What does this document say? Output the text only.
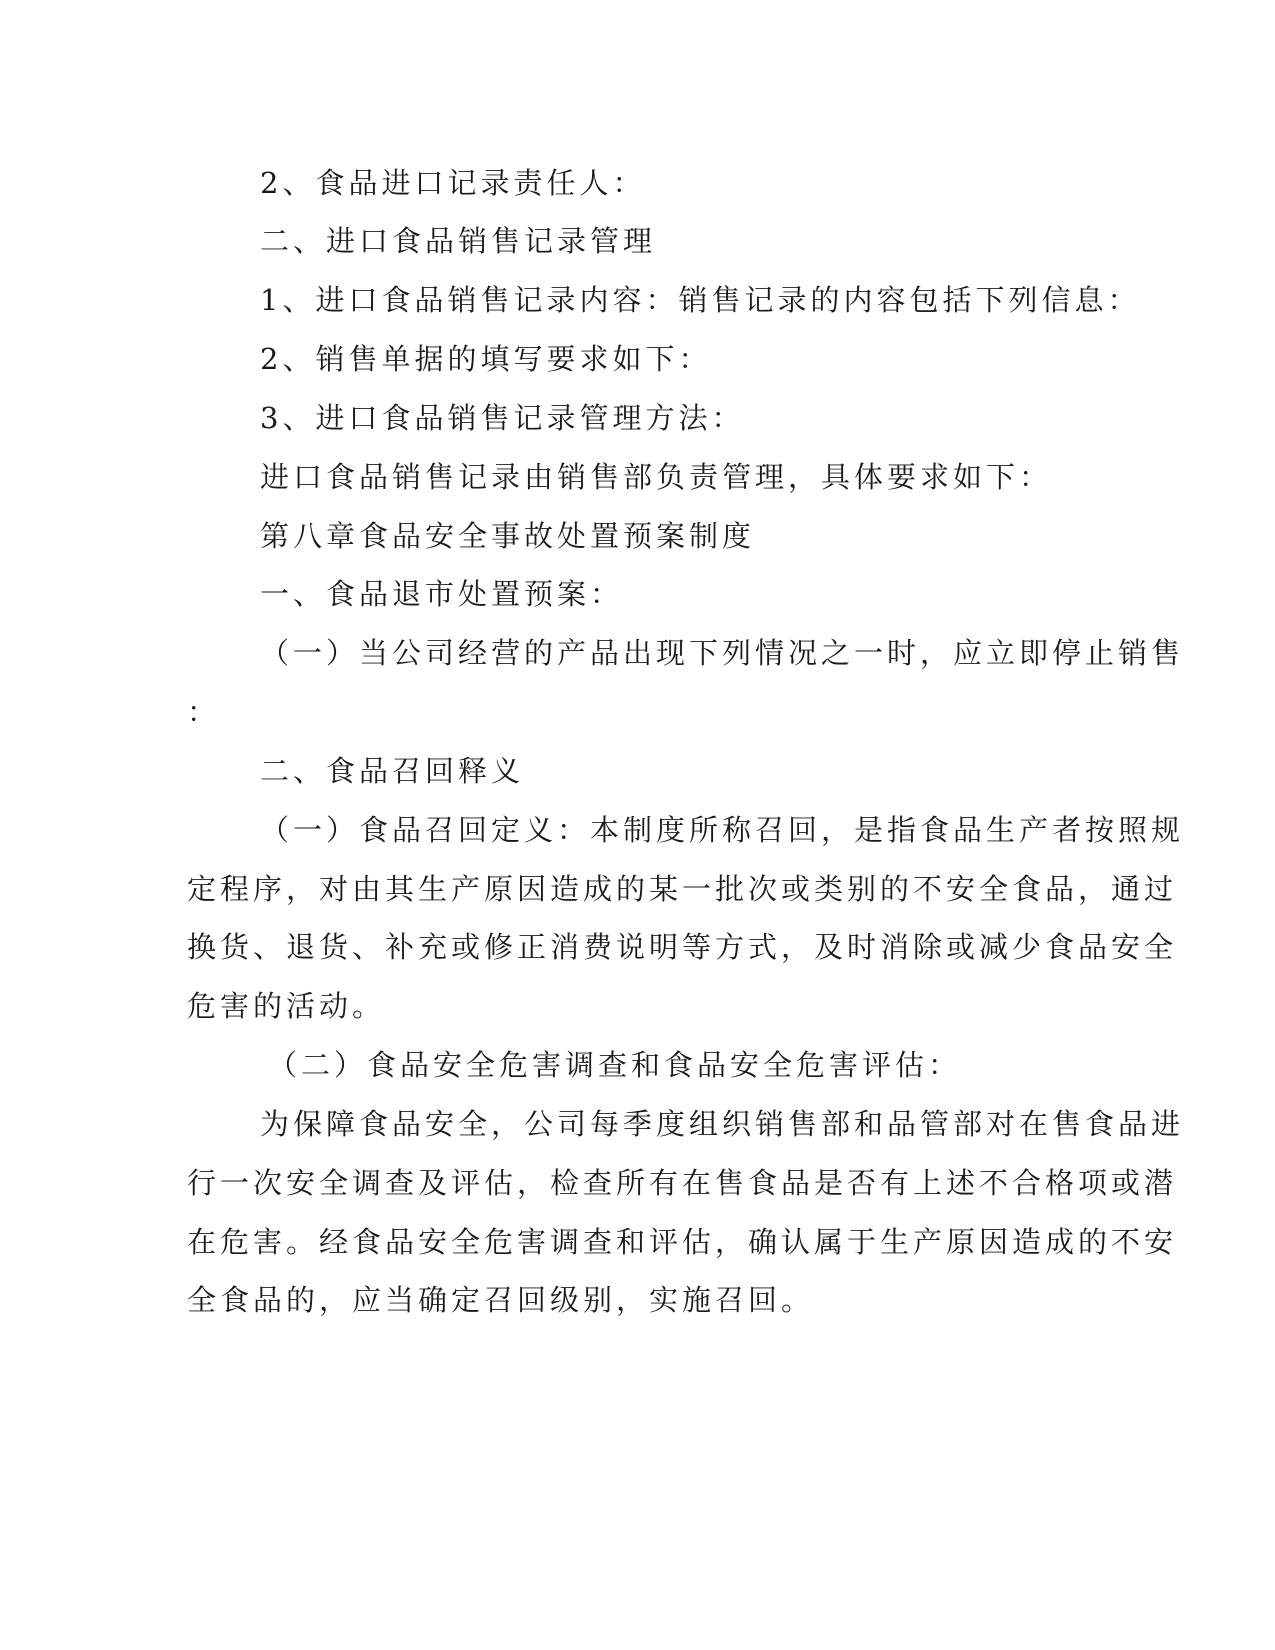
2、食品进口记录责任人：

二、进口食品销售记录管理

1、进口食品销售记录内容：销售记录的内容包括下列信息：

2、销售单据的填写要求如下：

3、进口食品销售记录管理方法：

进口食品销售记录由销售部负责管理，具体要求如下：

第八章食品安全事故处置预案制度

一、食品退市处置预案：

（一）当公司经营的产品出现下列情况之一时，应立即停止销售

：

二、食品召回释义

（一）食品召回定义：本制度所称召回，是指食品生产者按照规

定程序，对由其生产原因造成的某一批次或类别的不安全食品，通过

换货、退货、补充或修正消费说明等方式，及时消除或减少食品安全

危害的活动。

（二）食品安全危害调查和食品安全危害评估：

为保障食品安全，公司每季度组织销售部和品管部对在售食品进

行一次安全调查及评估，检查所有在售食品是否有上述不合格项或潜

在危害。经食品安全危害调查和评估，确认属于生产原因造成的不安

全食品的，应当确定召回级别，实施召回。
